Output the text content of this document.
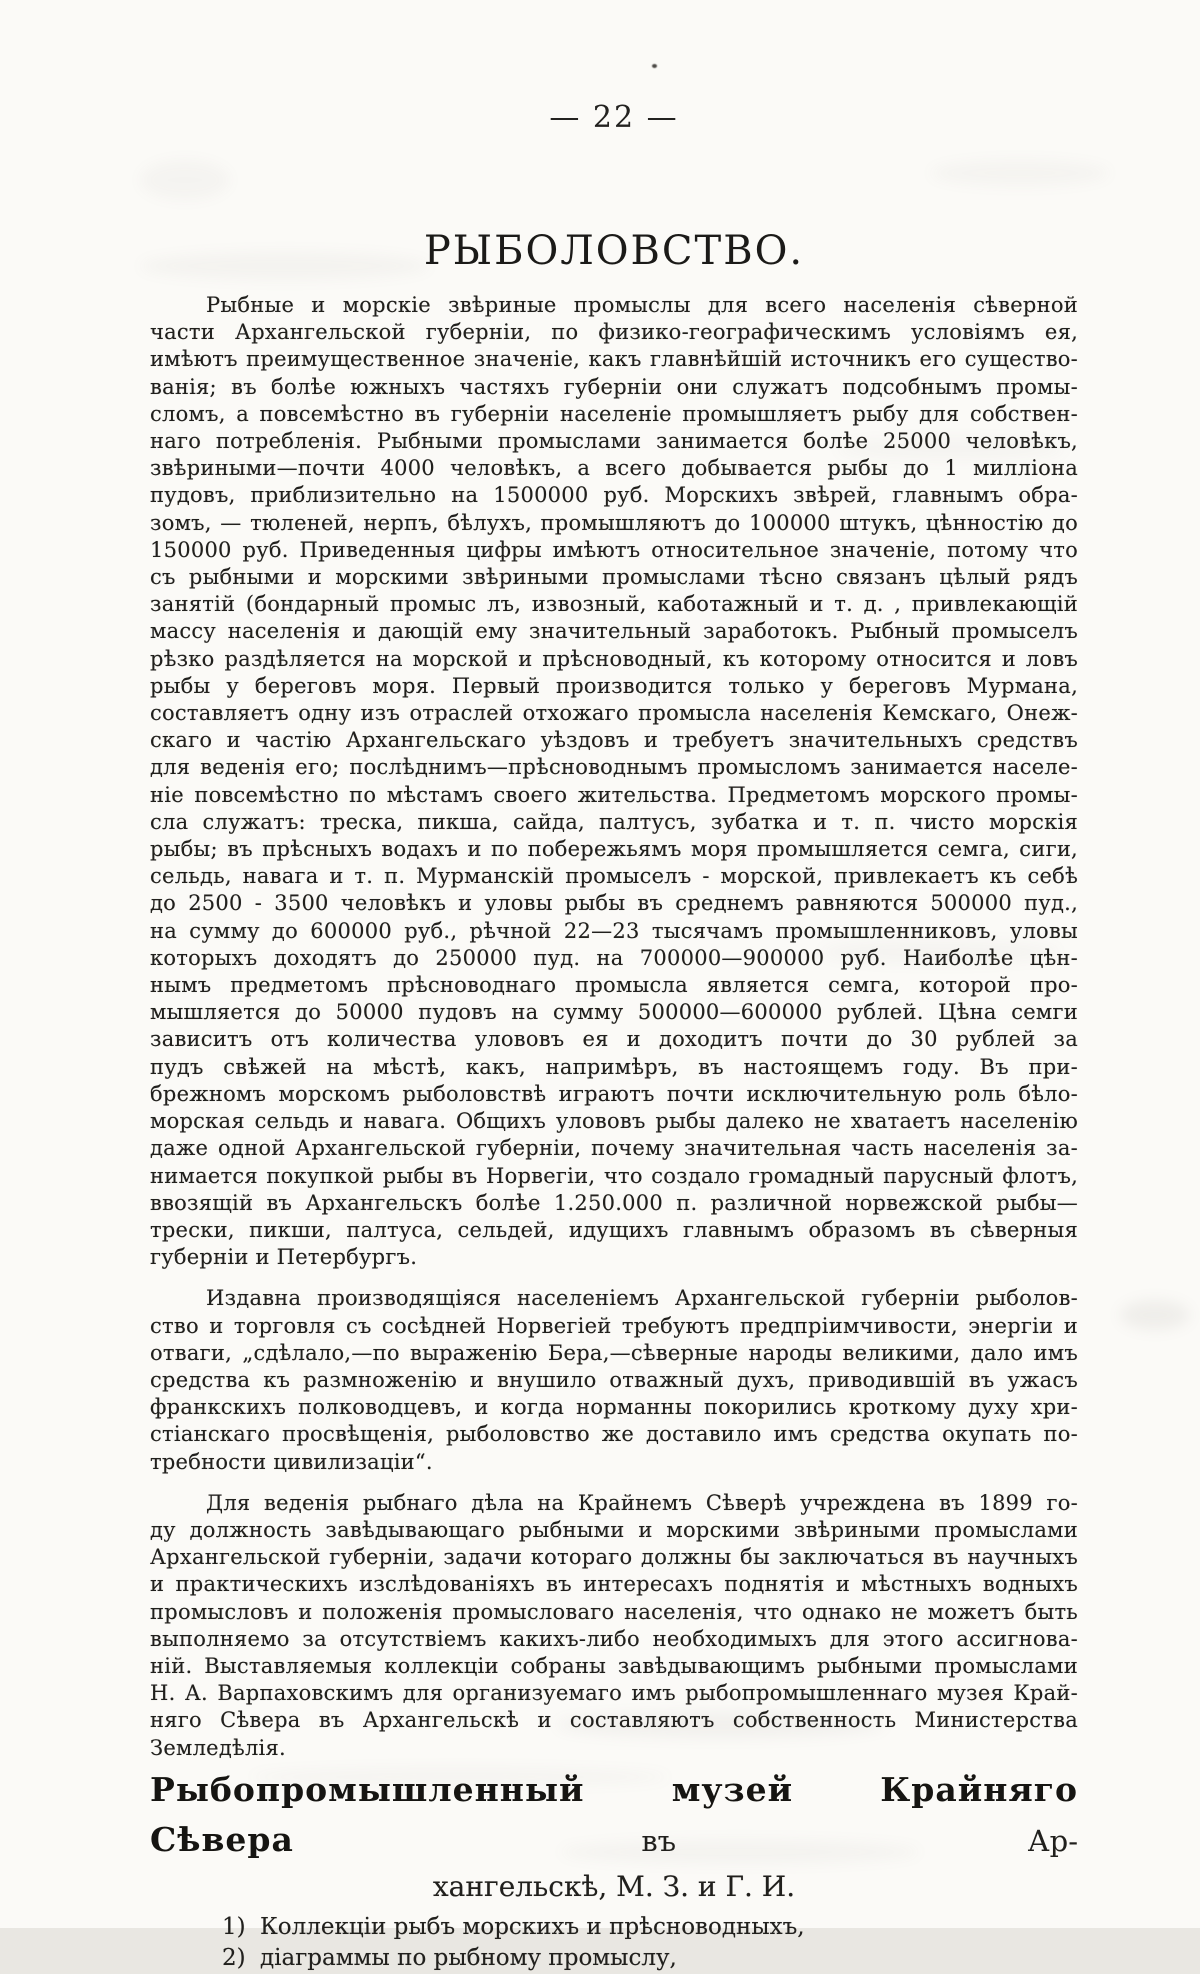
— 22 —
РЫБОЛОВСТВО.
Рыбные и морскіе звѣриные промыслы для всего населенія сѣверной
части Архангельской губерніи, по физико-географическимъ условіямъ ея,
имѣютъ преимущественное значеніе, какъ главнѣйшій источникъ его существо-
ванія; въ болѣе южныхъ частяхъ губерніи они служатъ подсобнымъ промы-
сломъ, а повсемѣстно въ губерніи населеніе промышляетъ рыбу для собствен-
наго потребленія. Рыбными промыслами занимается болѣе 25000 человѣкъ,
звѣриными—почти 4000 человѣкъ, а всего добывается рыбы до 1 милліона
пудовъ, приблизительно на 1500000 руб. Морскихъ звѣрей, главнымъ обра-
зомъ, — тюленей, нерпъ, бѣлухъ, промышляютъ до 100000 штукъ, цѣнностію до
150000 руб. Приведенныя цифры имѣютъ относительное значеніе, потому что
съ рыбными и морскими звѣриными промыслами тѣсно связанъ цѣлый рядъ
занятій (бондарный промыс лъ, извозный, каботажный и т. д. , привлекающій
массу населенія и дающій ему значительный заработокъ. Рыбный промыселъ
рѣзко раздѣляется на морской и прѣсноводный, къ которому относится и ловъ
рыбы у береговъ моря. Первый производится только у береговъ Мурмана,
составляетъ одну изъ отраслей отхожаго промысла населенія Кемскаго, Онеж-
скаго и частію Архангельскаго уѣздовъ и требуетъ значительныхъ средствъ
для веденія его; послѣднимъ—прѣсноводнымъ промысломъ занимается населе-
ніе повсемѣстно по мѣстамъ своего жительства. Предметомъ морского промы-
сла служатъ: треска, пикша, сайда, палтусъ, зубатка и т. п. чисто морскія
рыбы; въ прѣсныхъ водахъ и по побережьямъ моря промышляется семга, сиги,
сельдь, навага и т. п. Мурманскій промыселъ - морской, привлекаетъ къ себѣ
до 2500 - 3500 человѣкъ и уловы рыбы въ среднемъ равняются 500000 пуд.,
на сумму до 600000 руб., рѣчной 22—23 тысячамъ промышленниковъ, уловы
которыхъ доходятъ до 250000 пуд. на 700000—900000 руб. Наиболѣе цѣн-
нымъ предметомъ прѣсноводнаго промысла является семга, которой про-
мышляется до 50000 пудовъ на сумму 500000—600000 рублей. Цѣна семги
зависитъ отъ количества улововъ ея и доходитъ почти до 30 рублей за
пудъ свѣжей на мѣстѣ, какъ, напримѣръ, въ настоящемъ году. Въ при-
брежномъ морскомъ рыболовствѣ играютъ почти исключительную роль бѣло-
морская сельдь и навага. Общихъ улововъ рыбы далеко не хватаетъ населенію
даже одной Архангельской губерніи, почему значительная часть населенія за-
нимается покупкой рыбы въ Норвегіи, что создало громадный парусный флотъ,
ввозящій въ Архангельскъ болѣе 1.250.000 п. различной норвежской рыбы—
трески, пикши, палтуса, сельдей, идущихъ главнымъ образомъ въ сѣверныя
губерніи и Петербургъ.
Издавна производящіяся населеніемъ Архангельской губерніи рыболов-
ство и торговля съ сосѣдней Норвегіей требуютъ предпріимчивости, энергіи и
отваги, „сдѣлало,—по выраженію Бера,—сѣверные народы великими, дало имъ
средства къ размноженію и внушило отважный духъ, приводившій въ ужасъ
франкскихъ полководцевъ, и когда норманны покорились кроткому духу хри-
стіанскаго просвѣщенія, рыболовство же доставило имъ средства окупать по-
требности цивилизаціи“.
Для веденія рыбнаго дѣла на Крайнемъ Сѣверѣ учреждена въ 1899 го-
ду должность завѣдывающаго рыбными и морскими звѣриными промыслами
Архангельской губерніи, задачи котораго должны бы заключаться въ научныхъ
и практическихъ изслѣдованіяхъ въ интересахъ поднятія и мѣстныхъ водныхъ
промысловъ и положенія промысловаго населенія, что однако не можетъ быть
выполняемо за отсутствіемъ какихъ-либо необходимыхъ для этого ассигнова-
ній. Выставляемыя коллекціи собраны завѣдывающимъ рыбными промыслами
Н. А. Варпаховскимъ для организуемаго имъ рыбопромышленнаго музея Край-
няго Сѣвера въ Архангельскѣ и составляютъ собственность Министерства
Земледѣлія.
Рыбопромышленный музей Крайняго Сѣвера	въ Ар-
хангельскѣ, М. З. и Г. И.
1) Коллекціи рыбъ морскихъ и прѣсноводныхъ,
2) діаграммы по рыбному промыслу,
